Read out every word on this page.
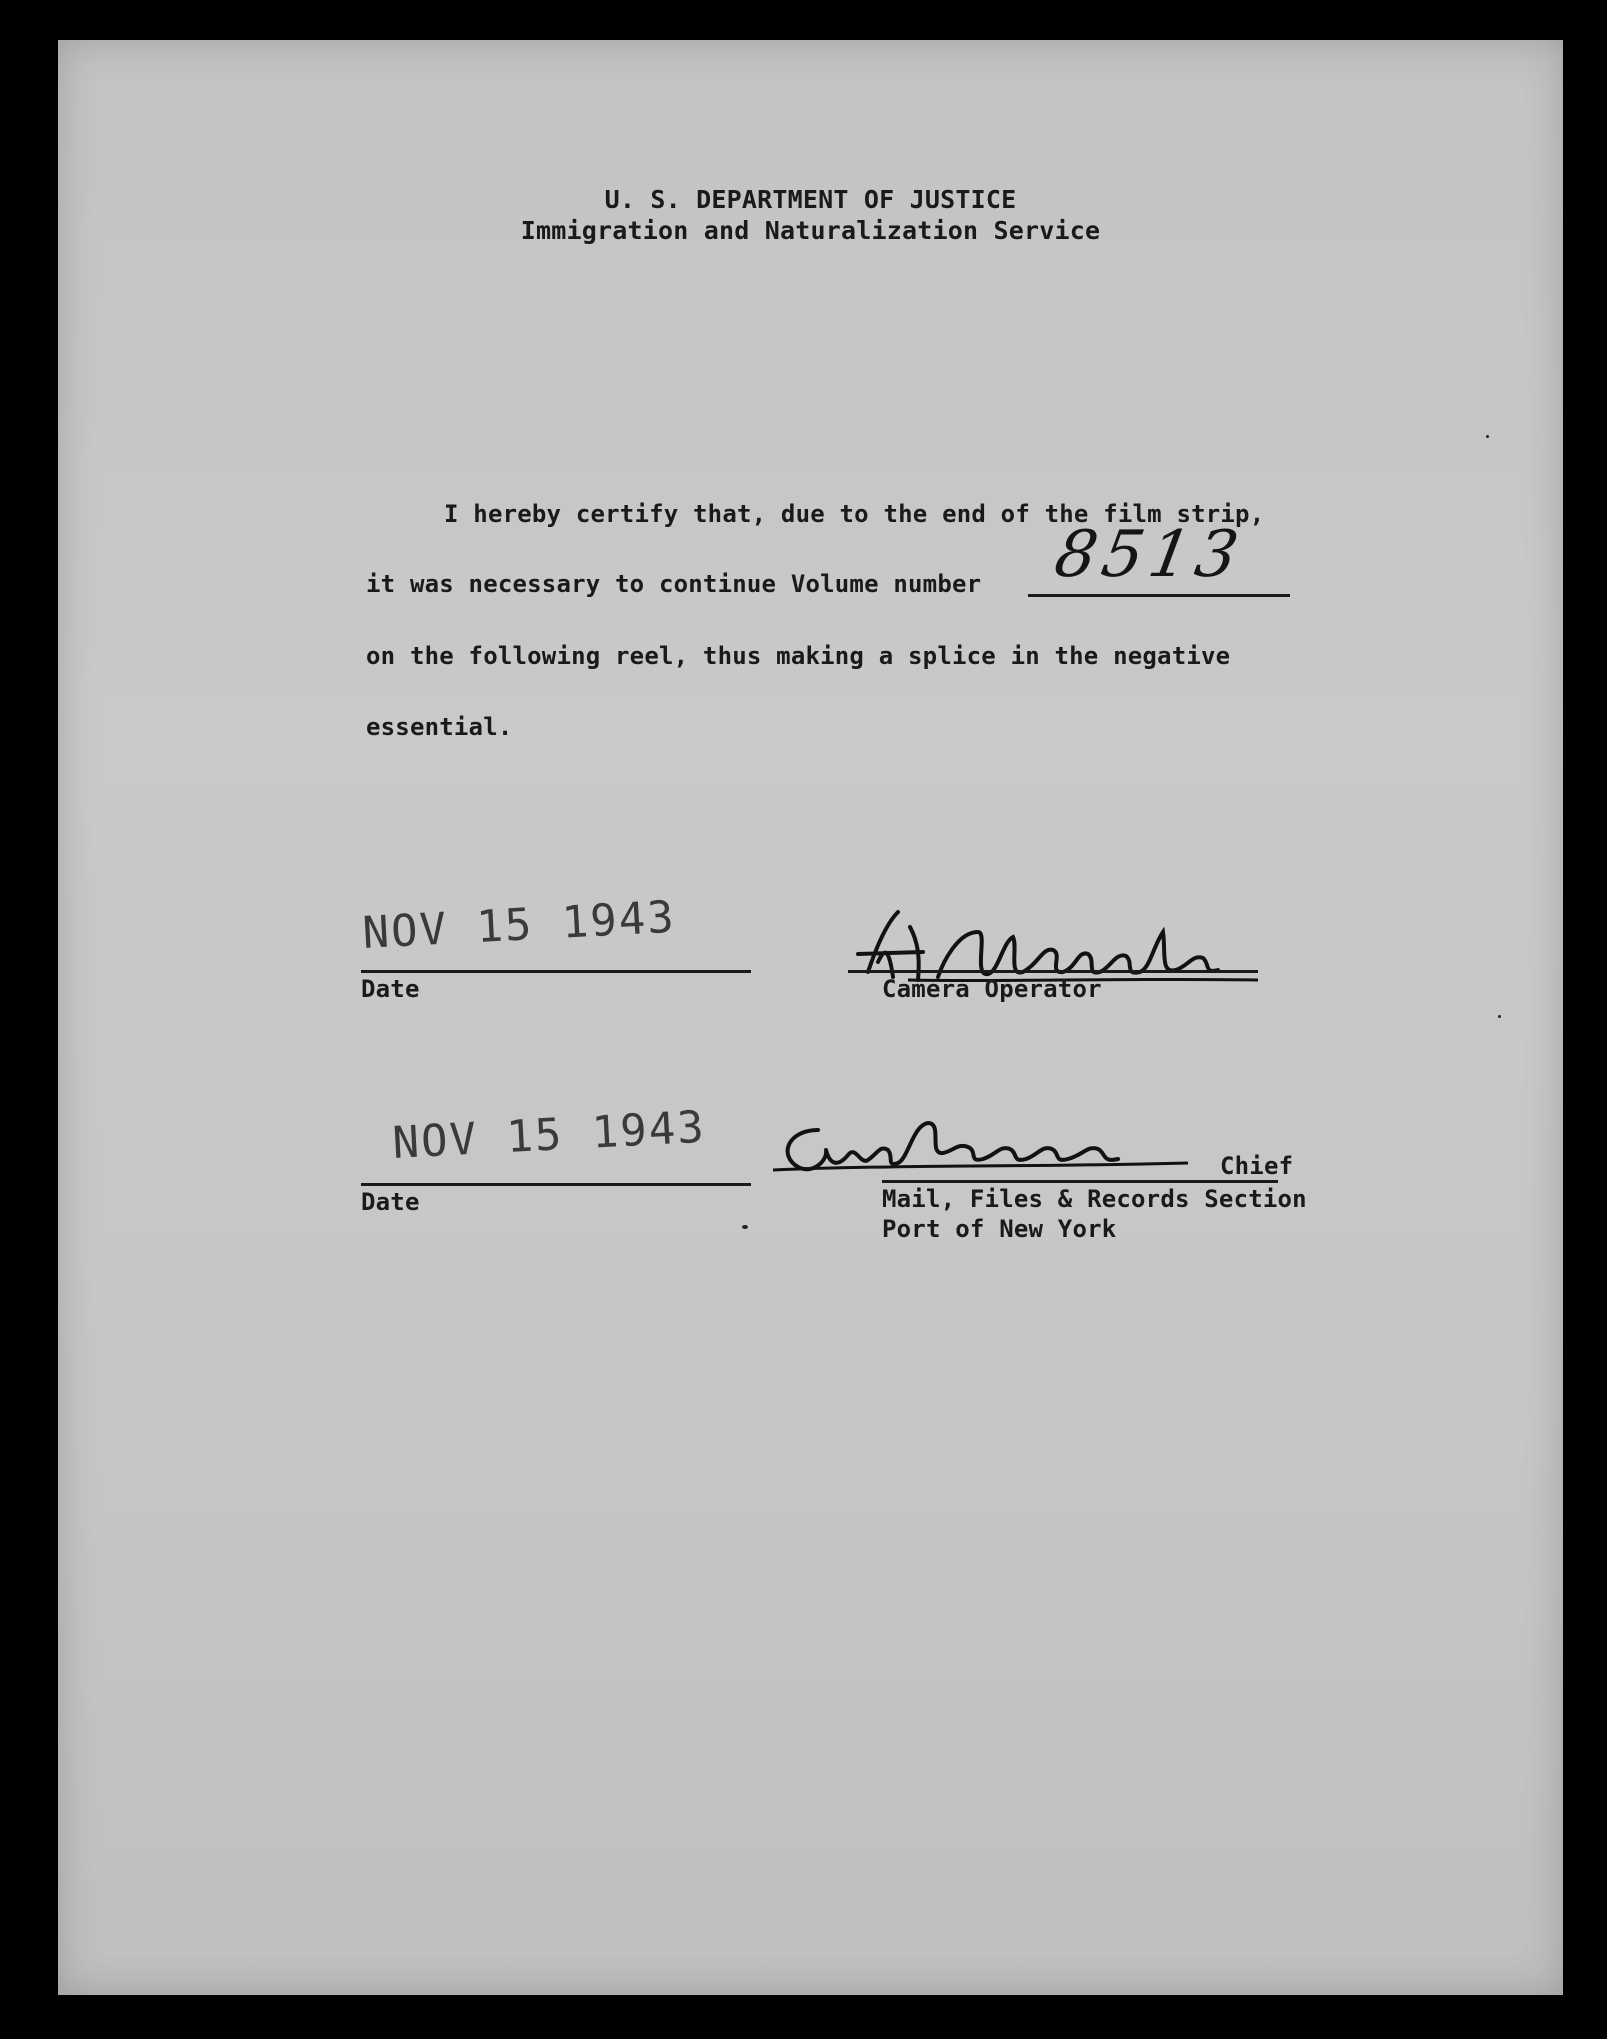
U. S. DEPARTMENT OF JUSTICE
Immigration and Naturalization Service
I hereby certify that, due to the end of the film strip,
it was necessary to continue Volume number 8513
on the following reel, thus making a splice in the negative
essential.
NOV 15 1943
Date	Camera Operator
NOV 15 1943
Date
Chief
Mail, Files & Records Section
Port of New York
